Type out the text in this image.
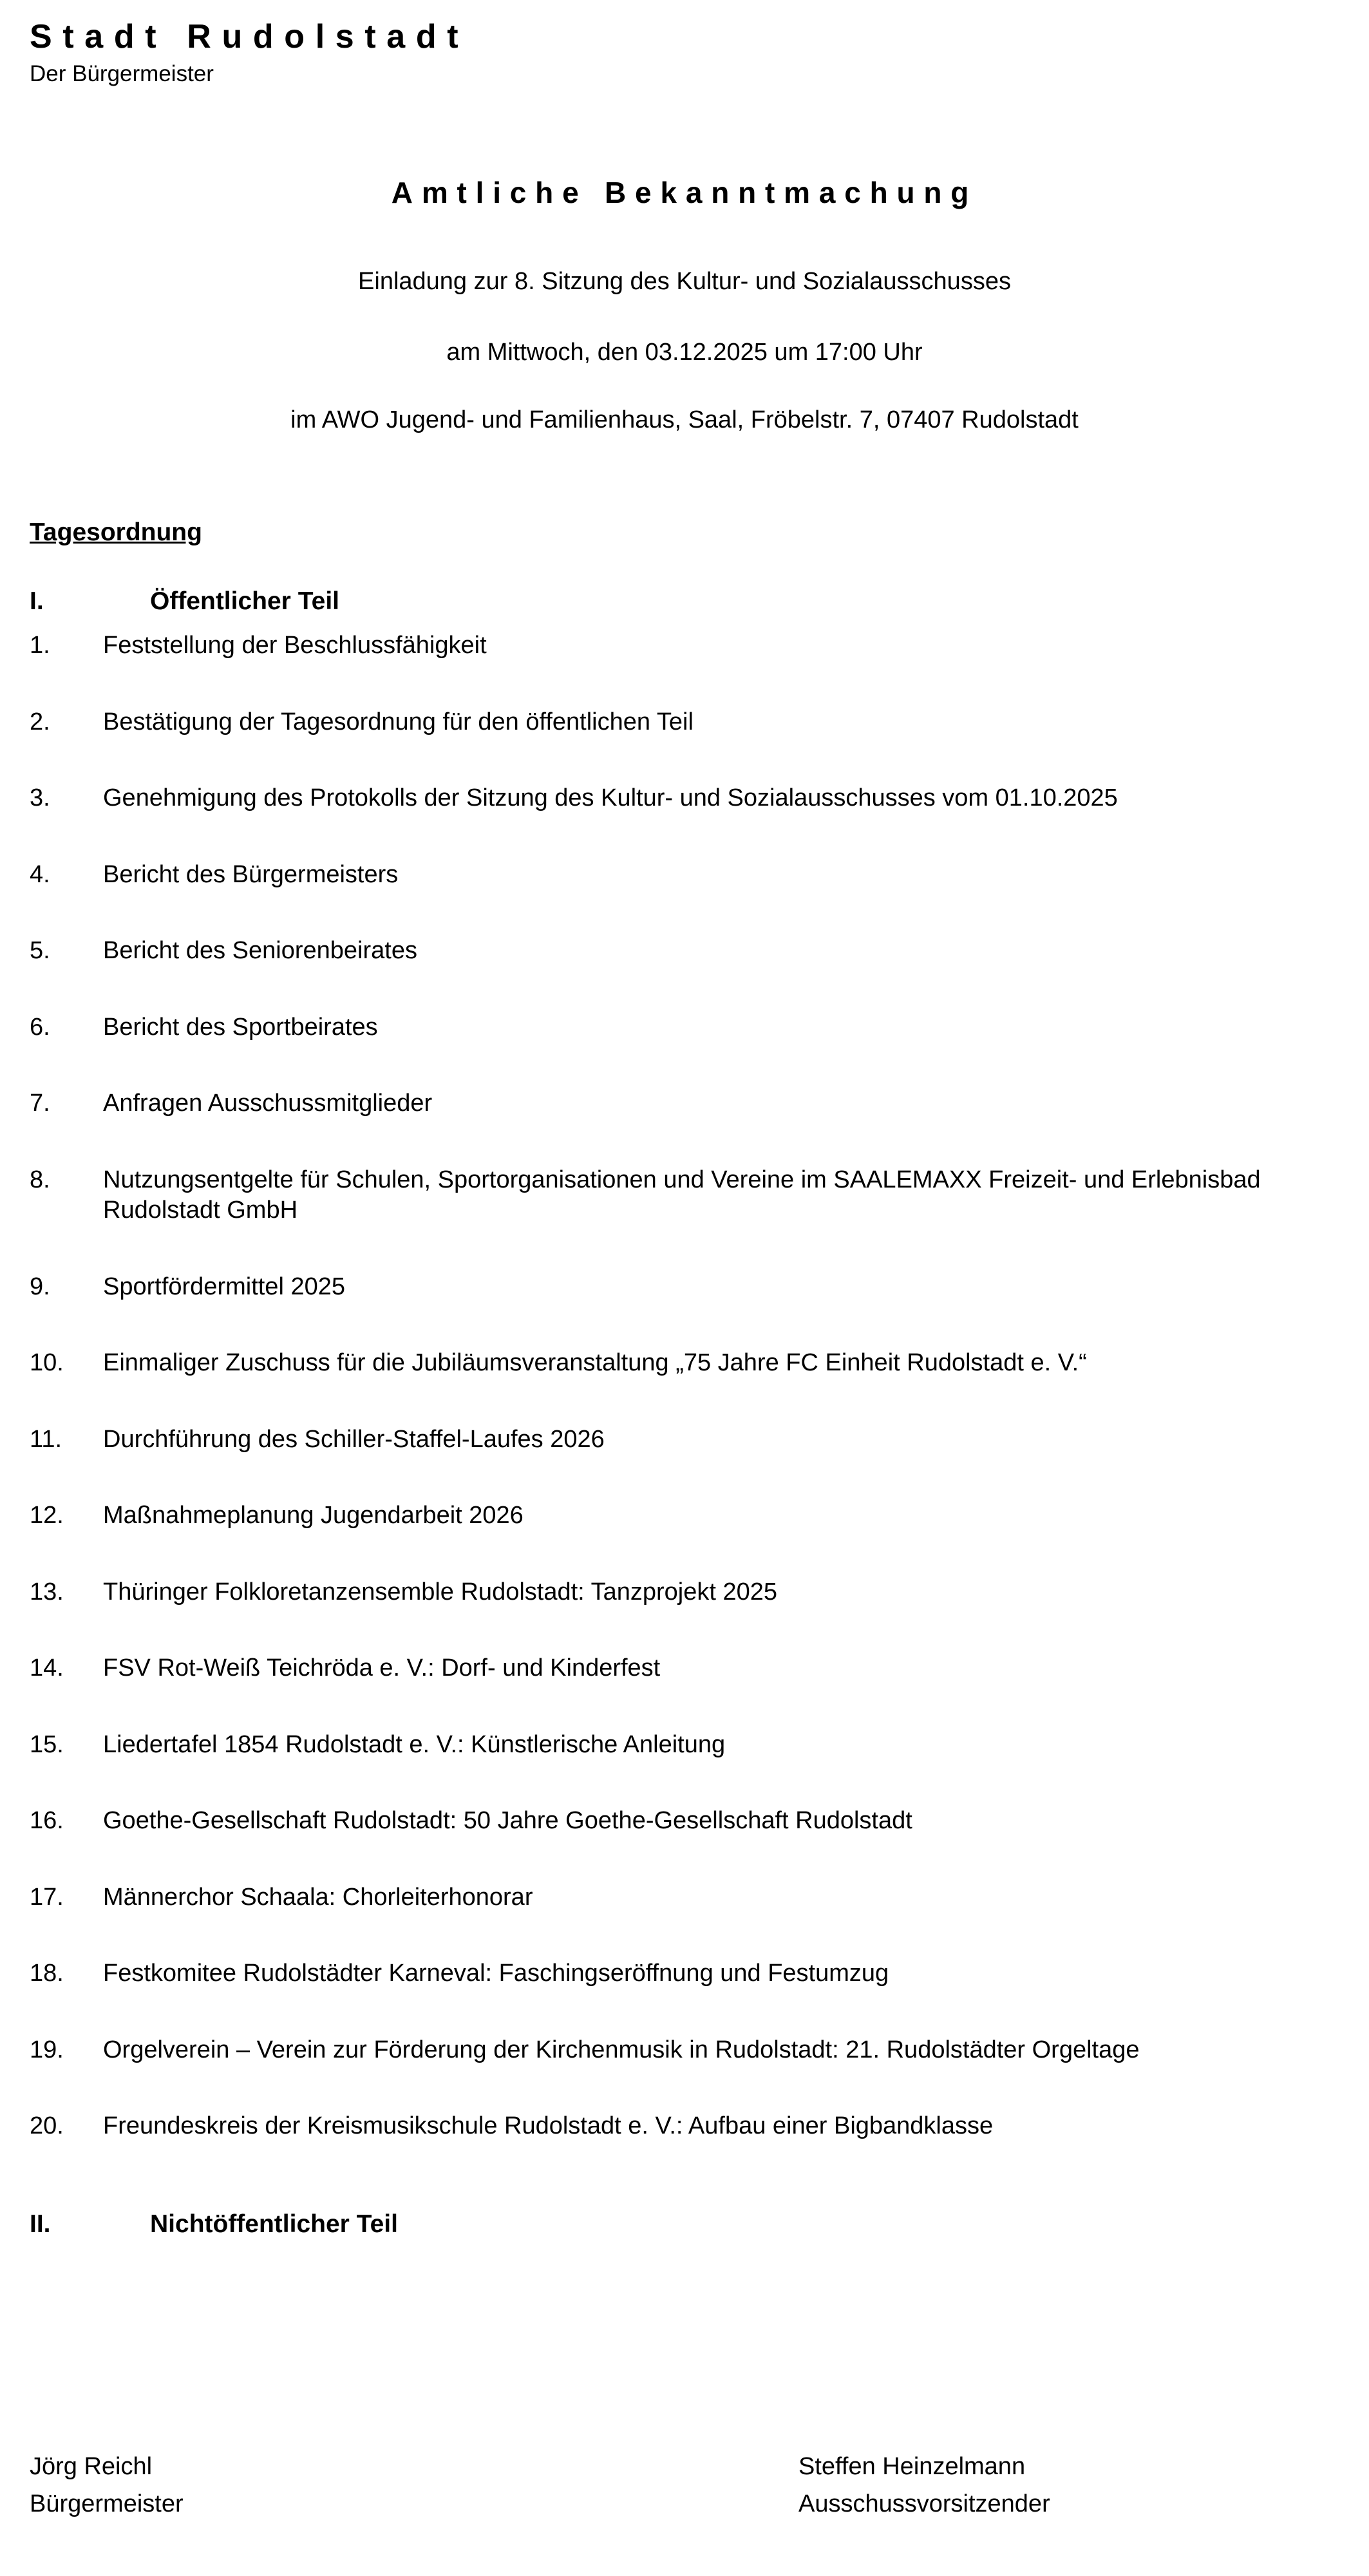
Stadt Rudolstadt
Der Bürgermeister
Amtliche Bekanntmachung
Einladung zur 8. Sitzung des Kultur- und Sozialausschusses
am Mittwoch, den 03.12.2025 um 17:00 Uhr
im AWO Jugend- und Familienhaus, Saal, Fröbelstr. 7, 07407 Rudolstadt
Tagesordnung
I.	Öffentlicher Teil
1.	Feststellung der Beschlussfähigkeit
2.	Bestätigung der Tagesordnung für den öffentlichen Teil
3.	Genehmigung des Protokolls der Sitzung des Kultur- und Sozialausschusses vom 01.10.2025
4.	Bericht des Bürgermeisters
5.	Bericht des Seniorenbeirates
6.	Bericht des Sportbeirates
7.	Anfragen Ausschussmitglieder
8.	Nutzungsentgelte für Schulen, Sportorganisationen und Vereine im SAALEMAXX Freizeit- und Erlebnisbad Rudolstadt GmbH
9.	Sportfördermittel 2025
10.	Einmaliger Zuschuss für die Jubiläumsveranstaltung „75 Jahre FC Einheit Rudolstadt e. V.“
11.	Durchführung des Schiller-Staffel-Laufes 2026
12.	Maßnahmeplanung Jugendarbeit 2026
13.	Thüringer Folkloretanzensemble Rudolstadt: Tanzprojekt 2025
14.	FSV Rot-Weiß Teichröda e. V.: Dorf- und Kinderfest
15.	Liedertafel 1854 Rudolstadt e. V.: Künstlerische Anleitung
16.	Goethe-Gesellschaft Rudolstadt: 50 Jahre Goethe-Gesellschaft Rudolstadt
17.	Männerchor Schaala: Chorleiterhonorar
18.	Festkomitee Rudolstädter Karneval: Faschingseröffnung und Festumzug
19.	Orgelverein – Verein zur Förderung der Kirchenmusik in Rudolstadt: 21. Rudolstädter Orgeltage
20.	Freundeskreis der Kreismusikschule Rudolstadt e. V.: Aufbau einer Bigbandklasse
II.	Nichtöffentlicher Teil
Jörg Reichl
Bürgermeister
Steffen Heinzelmann
Ausschussvorsitzender
